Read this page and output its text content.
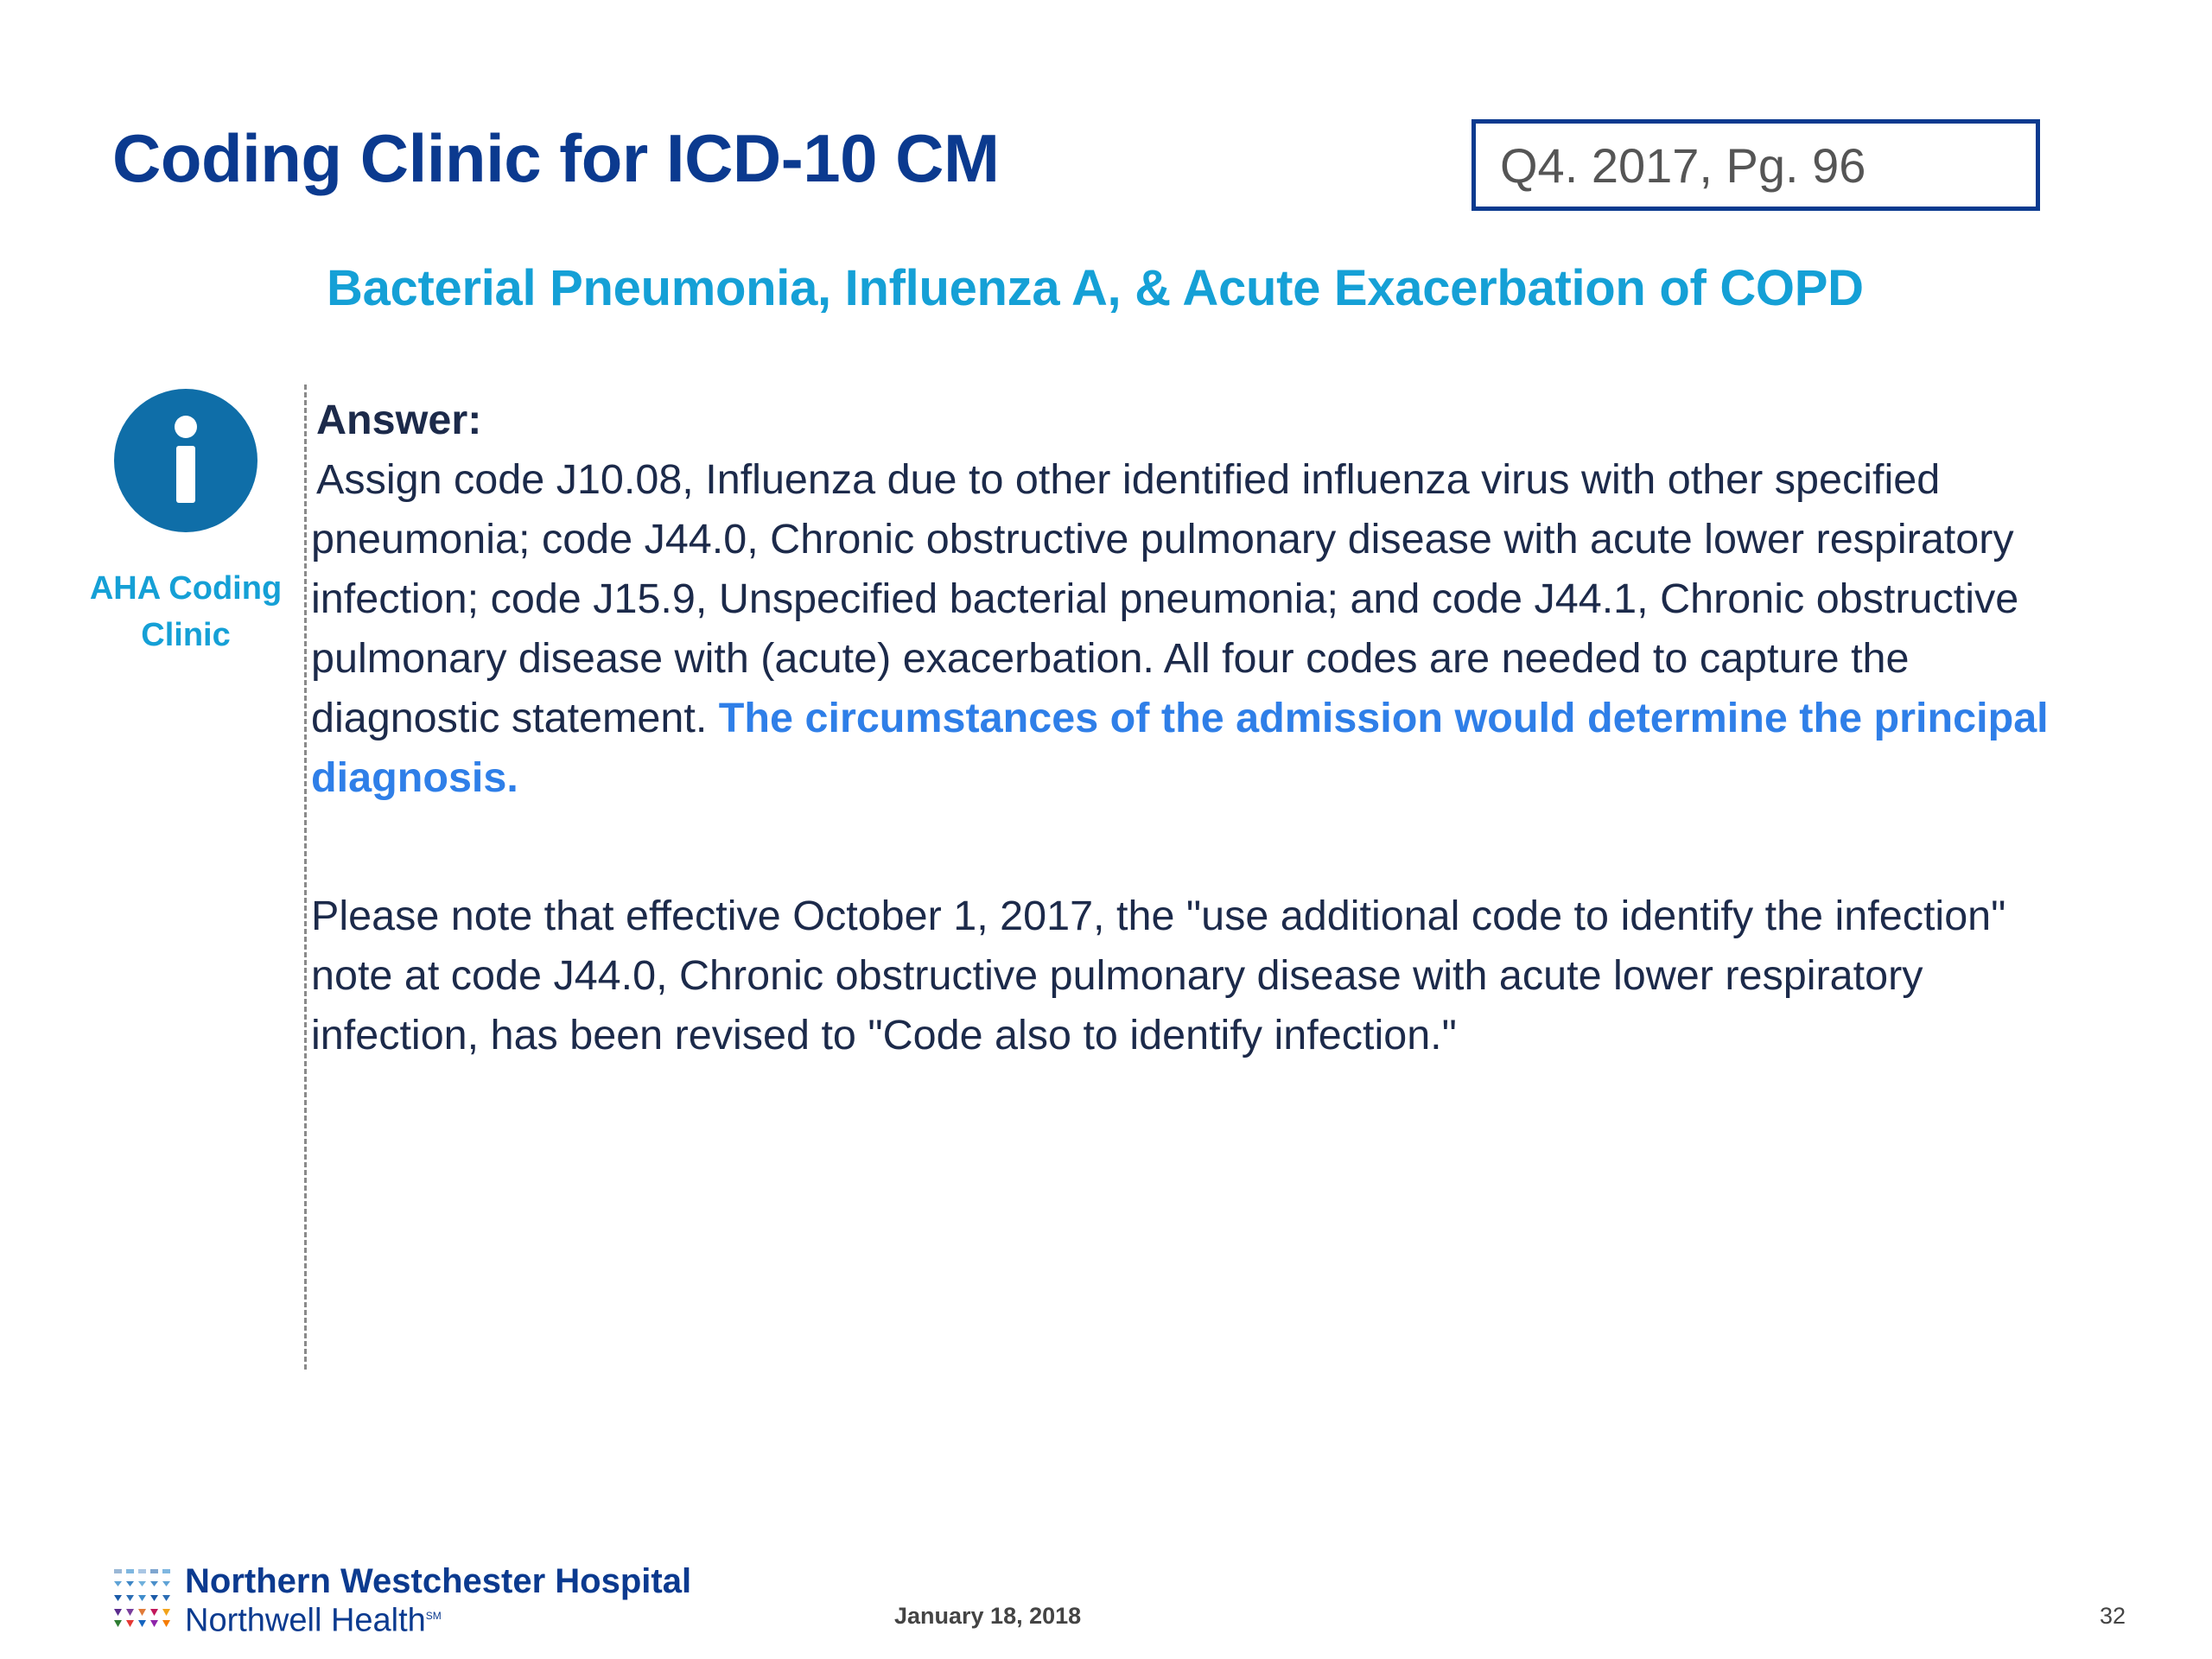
Coding Clinic for ICD-10 CM	Q4. 2017, Pg. 96
Bacterial Pneumonia, Influenza A, & Acute Exacerbation of COPD
AHA Coding
Clinic
Answer:
Assign code J10.08, Influenza due to other identified influenza virus with other specified pneumonia; code J44.0, Chronic obstructive pulmonary disease with acute lower respiratory infection; code J15.9, Unspecified bacterial pneumonia; and code J44.1, Chronic obstructive pulmonary disease with (acute) exacerbation. All four codes are needed to capture the diagnostic statement. The circumstances of the admission would determine the principal diagnosis.
Please note that effective October 1, 2017, the "use additional code to identify the infection" note at code J44.0, Chronic obstructive pulmonary disease with acute lower respiratory infection, has been revised to "Code also to identify infection."
Northern Westchester Hospital
Northwell Health℠	January 18, 2018	32
